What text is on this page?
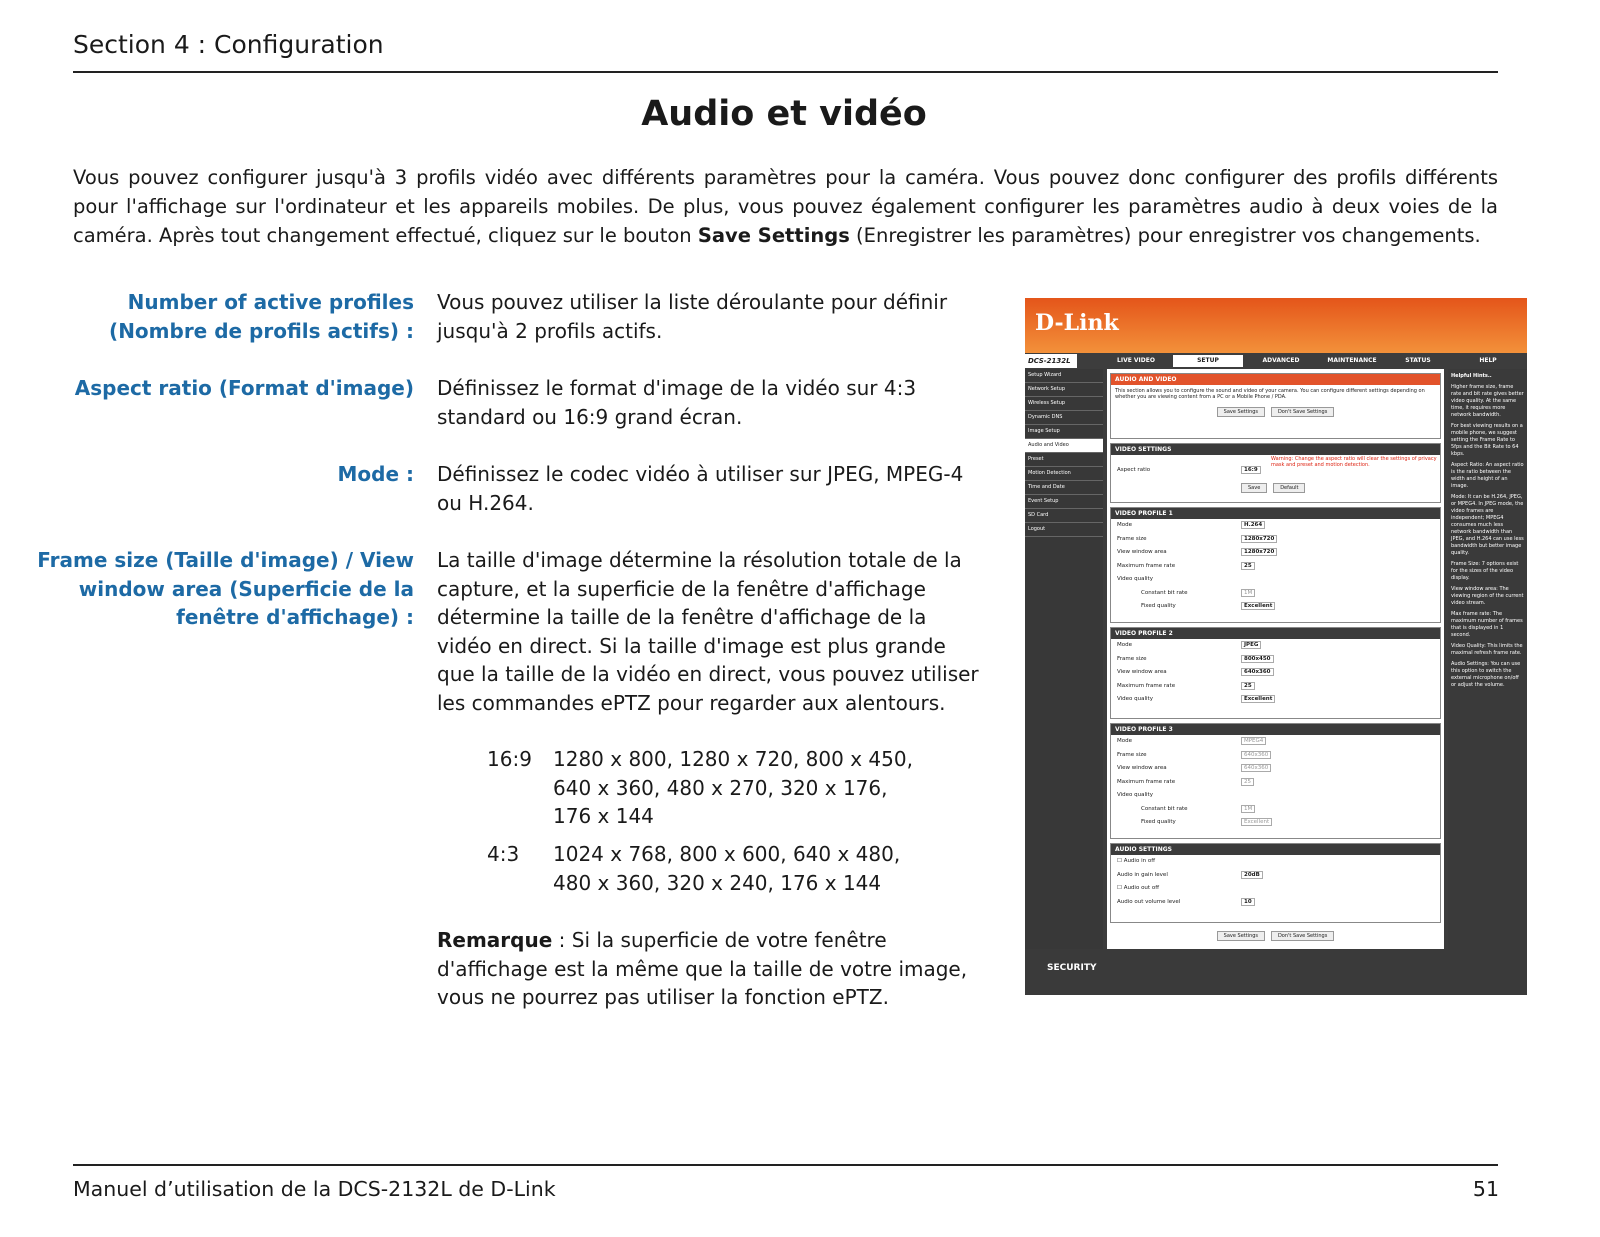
Section 4 : Configuration
Audio et vidéo
Vous pouvez configurer jusqu'à 3 profils vidéo avec différents paramètres pour la caméra. Vous pouvez donc configurer des profils différents pour l'affichage sur l'ordinateur et les appareils mobiles. De plus, vous pouvez également configurer les paramètres audio à deux voies de la caméra. Après tout changement effectué, cliquez sur le bouton Save Settings (Enregistrer les paramètres) pour enregistrer vos changements.
Number of active profiles
(Nombre de profils actifs) :
Vous pouvez utiliser la liste déroulante pour définir jusqu'à 2 profils actifs.
Aspect ratio (Format d'image) Définissez le format d'image de la vidéo sur 4:3 standard ou 16:9 grand écran.
Mode : Définissez le codec vidéo à utiliser sur JPEG, MPEG-4 ou H.264.
Frame size (Taille d'image) / View
window area (Superficie de la
fenêtre d'affichage) :
La taille d'image détermine la résolution totale de la capture, et la superficie de la fenêtre d'affichage détermine la taille de la fenêtre d'affichage de la vidéo en direct. Si la taille d'image est plus grande que la taille de la vidéo en direct, vous pouvez utiliser les commandes ePTZ pour regarder aux alentours.
16:9 1280 x 800, 1280 x 720, 800 x 450,
640 x 360, 480 x 270, 320 x 176,
176 x 144
4:3 1024 x 768, 800 x 600, 640 x 480,
480 x 360, 320 x 240, 176 x 144
Remarque : Si la superficie de votre fenêtre d'affichage est la même que la taille de votre image, vous ne pourrez pas utiliser la fonction ePTZ.
D-Link
DCS-2132L	LIVE VIDEO	SETUP	ADVANCED	MAINTENANCE	STATUS	HELP
Setup Wizard
Network Setup
Wireless Setup
Dynamic DNS
Image Setup
Audio and Video
Preset
Motion Detection
Time and Date
Event Setup
SD Card
Logout
AUDIO AND VIDEO
This section allows you to configure the sound and video of your camera. You can configure different settings depending on whether you are viewing content from a PC or a Mobile Phone / PDA.
Save Settings	Don't Save Settings
VIDEO SETTINGS
Aspect ratio	16:9
Warning: Change the aspect ratio will clear the settings of privacy mask and preset and motion detection.
Save	Default
VIDEO PROFILE 1
Mode	H.264
Frame size	1280x720
View window area	1280x720
Maximum frame rate	25
Video quality
Constant bit rate	1M
Fixed quality	Excellent
VIDEO PROFILE 2
Mode	JPEG
Frame size	800x450
View window area	640x360
Maximum frame rate	25
Video quality	Excellent
VIDEO PROFILE 3
Mode	MPEG4
Frame size	640x360
View window area	640x360
Maximum frame rate	25
Video quality
Constant bit rate	1M
Fixed quality	Excellent
AUDIO SETTINGS
☐ Audio in off
Audio in gain level	20dB
☐ Audio out off
Audio out volume level	10
Save Settings	Don't Save Settings
Helpful Hints..

Higher frame size, frame rate and bit rate gives better video quality. At the same time, it requires more network bandwidth.

For best viewing results on a mobile phone, we suggest setting the Frame Rate to 5fps and the Bit Rate to 64 kbps.

Aspect Ratio: An aspect ratio is the ratio between the width and height of an image.

Mode: It can be H.264, JPEG, or MPEG4. In JPEG mode, the video frames are independent; MPEG4 consumes much less network bandwidth than JPEG, and H.264 can use less bandwidth but better image quality.

Frame Size: 7 options exist for the sizes of the video display.

View window area: The viewing region of the current video stream.

Max frame rate: The maximum number of frames that is displayed in 1 second.

Video Quality: This limits the maximal refresh frame rate.

Audio Settings: You can use this option to switch the external microphone on/off or adjust the volume.

SECURITY
Manuel d’utilisation de la DCS-2132L de D-Link	51
